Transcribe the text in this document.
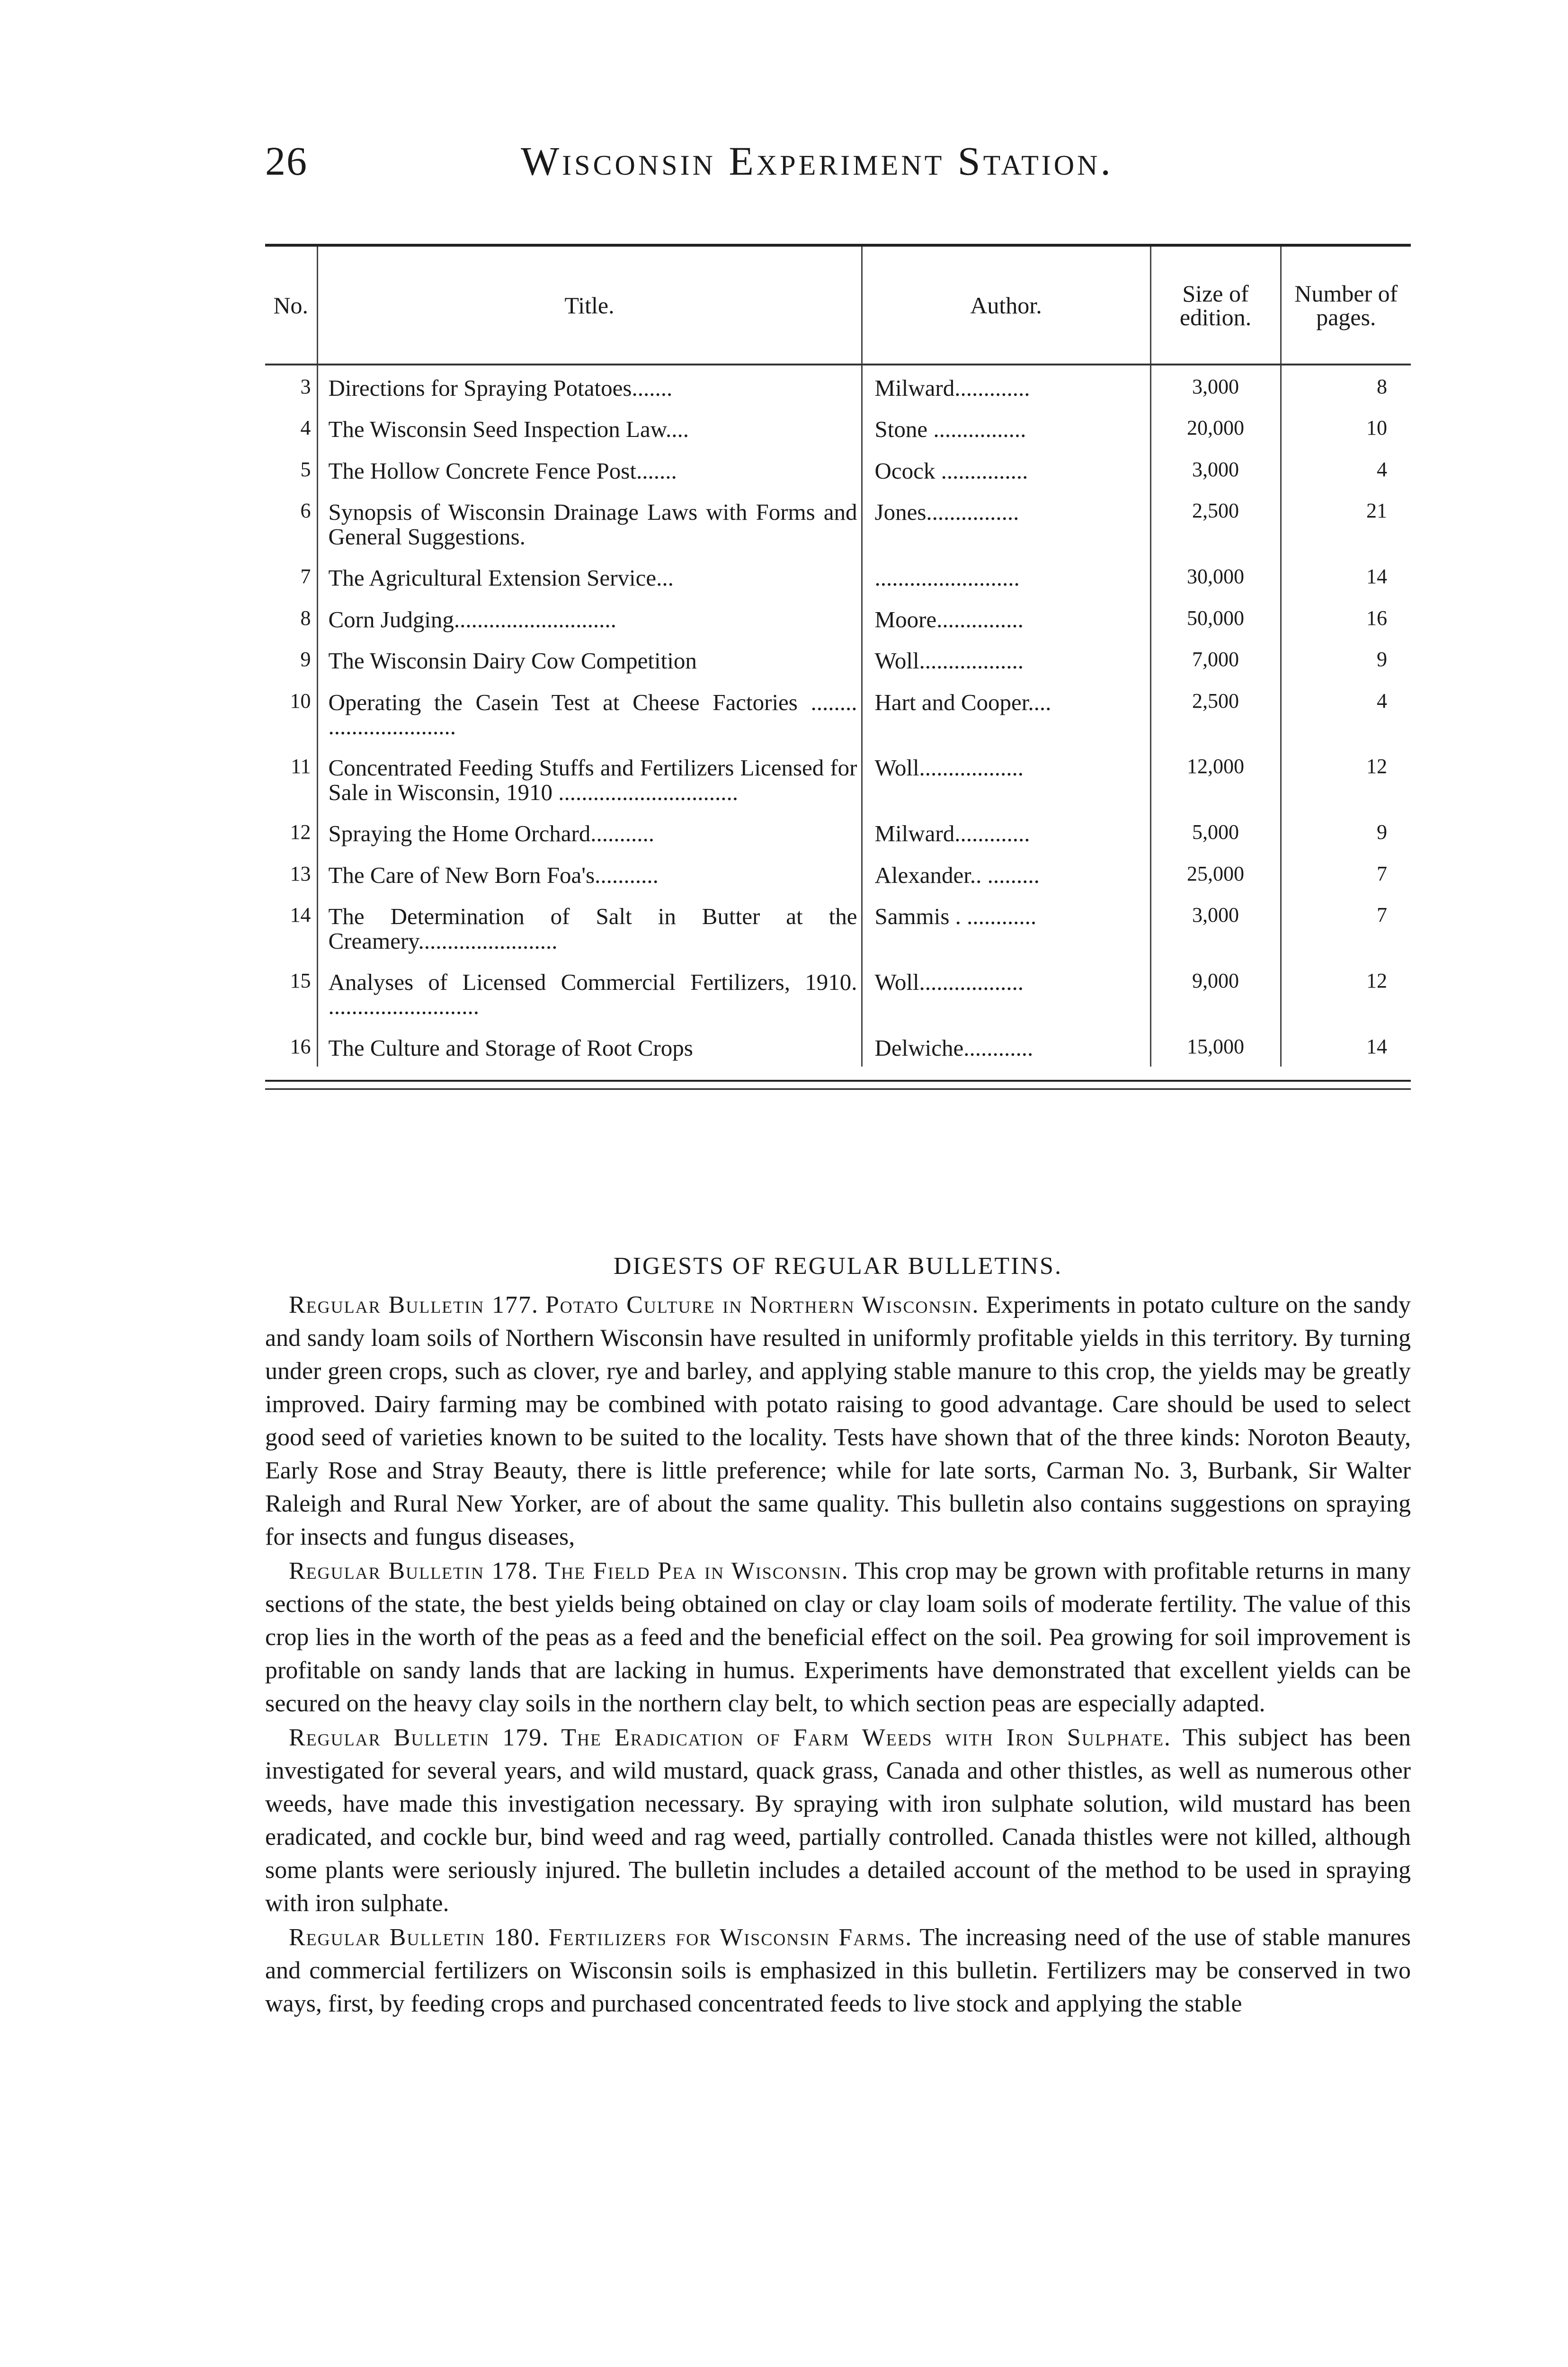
26	Wisconsin Experiment Station.
No.	Title.	Author.	Size of edition.	Number of pages.
3	Directions for Spraying Potatoes.......	Milward.............	3,000	8
4	The Wisconsin Seed Inspection Law....	Stone ................	20,000	10
5	The Hollow Concrete Fence Post.......	Ocock ...............	3,000	4
6	Synopsis of Wisconsin Drainage Laws with Forms and General Suggestions.	Jones................	2,500	21
7	The Agricultural Extension Service...	.........................	30,000	14
8	Corn Judging............................	Moore...............	50,000	16
9	The Wisconsin Dairy Cow Competition	Woll..................	7,000	9
10	Operating the Casein Test at Cheese Factories ........ ......................	Hart and Cooper....	2,500	4
11	Concentrated Feeding Stuffs and Fertilizers Licensed for Sale in Wisconsin, 1910 ...............................	Woll..................	12,000	12
12	Spraying the Home Orchard...........	Milward.............	5,000	9
13	The Care of New Born Foa's...........	Alexander.. .........	25,000	7
14	The Determination of Salt in Butter at the Creamery........................	Sammis . ............	3,000	7
15	Analyses of Licensed Commercial Fertilizers, 1910. ..........................	Woll..................	9,000	12
16	The Culture and Storage of Root Crops	Delwiche............	15,000	14
DIGESTS OF REGULAR BULLETINS.

Regular Bulletin 177. Potato Culture in Northern Wisconsin. Experiments in potato culture on the sandy and sandy loam soils of Northern Wisconsin have resulted in uniformly profitable yields in this territory. By turning under green crops, such as clover, rye and barley, and applying stable manure to this crop, the yields may be greatly improved. Dairy farming may be combined with potato raising to good advantage. Care should be used to select good seed of varieties known to be suited to the locality. Tests have shown that of the three kinds: Noroton Beauty, Early Rose and Stray Beauty, there is little preference; while for late sorts, Carman No. 3, Burbank, Sir Walter Raleigh and Rural New Yorker, are of about the same quality. This bulletin also contains suggestions on spraying for insects and fungus diseases,

Regular Bulletin 178. The Field Pea in Wisconsin. This crop may be grown with profitable returns in many sections of the state, the best yields being obtained on clay or clay loam soils of moderate fertility. The value of this crop lies in the worth of the peas as a feed and the beneficial effect on the soil. Pea growing for soil improvement is profitable on sandy lands that are lacking in humus. Experiments have demonstrated that excellent yields can be secured on the heavy clay soils in the northern clay belt, to which section peas are especially adapted.

Regular Bulletin 179. The Eradication of Farm Weeds with Iron Sulphate. This subject has been investigated for several years, and wild mustard, quack grass, Canada and other thistles, as well as numerous other weeds, have made this investigation necessary. By spraying with iron sulphate solution, wild mustard has been eradicated, and cockle bur, bind weed and rag weed, partially controlled. Canada thistles were not killed, although some plants were seriously injured. The bulletin includes a detailed account of the method to be used in spraying with iron sulphate.

Regular Bulletin 180. Fertilizers for Wisconsin Farms. The increasing need of the use of stable manures and commercial fertilizers on Wisconsin soils is emphasized in this bulletin. Fertilizers may be conserved in two ways, first, by feeding crops and purchased concentrated feeds to live stock and applying the stable
